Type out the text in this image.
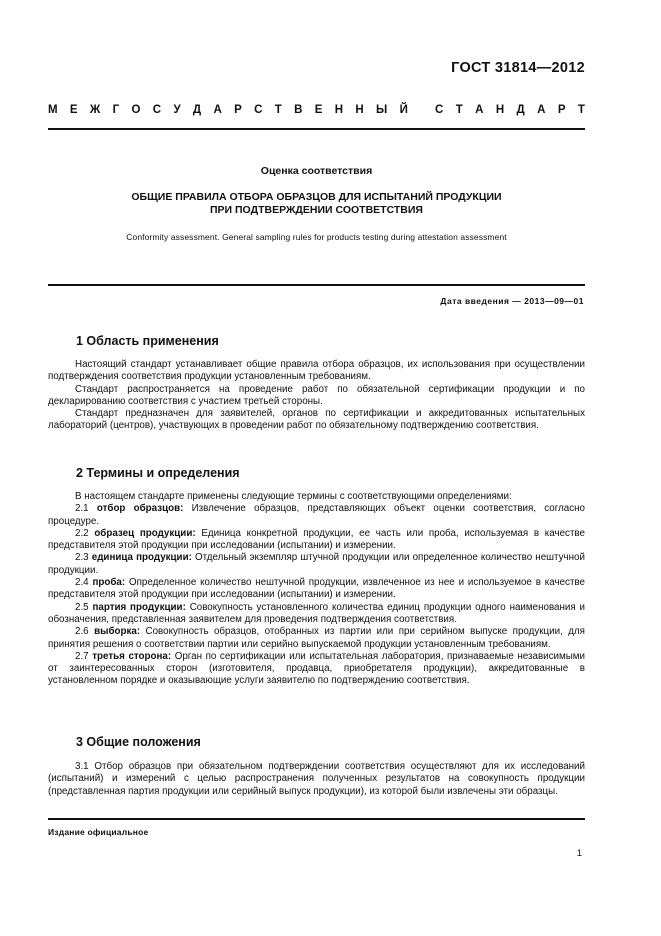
ГОСТ 31814—2012
М Е Ж Г О С У Д А Р С Т В Е Н Н Ы Й С Т А Н Д А Р Т
Оценка соответствия
ОБЩИЕ ПРАВИЛА ОТБОРА ОБРАЗЦОВ ДЛЯ ИСПЫТАНИЙ ПРОДУКЦИИ
ПРИ ПОДТВЕРЖДЕНИИ СООТВЕТСТВИЯ
Conformity assessment. General sampling rules for products testing during attestation assessment
Дата введения — 2013—09—01
1 Область применения

Настоящий стандарт устанавливает общие правила отбора образцов, их использования при осуществлении подтверждения соответствия продукции установленным требованиям.

Стандарт распространяется на проведение работ по обязательной сертификации продукции и по декларированию соответствия с участием третьей стороны.

Стандарт предназначен для заявителей, органов по сертификации и аккредитованных испытательных лабораторий (центров), участвующих в проведении работ по обязательному подтверждению соответствия.

2 Термины и определения

В настоящем стандарте применены следующие термины с соответствующими определениями:

2.1 отбор образцов: Извлечение образцов, представляющих объект оценки соответствия, согласно процедуре.

2.2 образец продукции: Единица конкретной продукции, ее часть или проба, используемая в качестве представителя этой продукции при исследовании (испытании) и измерении.

2.3 единица продукции: Отдельный экземпляр штучной продукции или определенное количество нештучной продукции.

2.4 проба: Определенное количество нештучной продукции, извлеченное из нее и используемое в качестве представителя этой продукции при исследовании (испытании) и измерении.

2.5 партия продукции: Совокупность установленного количества единиц продукции одного наименования и обозначения, представленная заявителем для проведения подтверждения соответствия.

2.6 выборка: Совокупность образцов, отобранных из партии или при серийном выпуске продукции, для принятия решения о соответствии партии или серийно выпускаемой продукции установленным требованиям.

2.7 третья сторона: Орган по сертификации или испытательная лаборатория, признаваемые независимыми от заинтересованных сторон (изготовителя, продавца, приобретателя продукции), аккредитованные в установленном порядке и оказывающие услуги заявителю по подтверждению соответствия.

3 Общие положения

3.1 Отбор образцов при обязательном подтверждении соответствия осуществляют для их исследований (испытаний) и измерений с целью распространения полученных результатов на совокупность продукции (представленная партия продукции или серийный выпуск продукции), из которой были извлечены эти образцы.

Издание официальное
1
